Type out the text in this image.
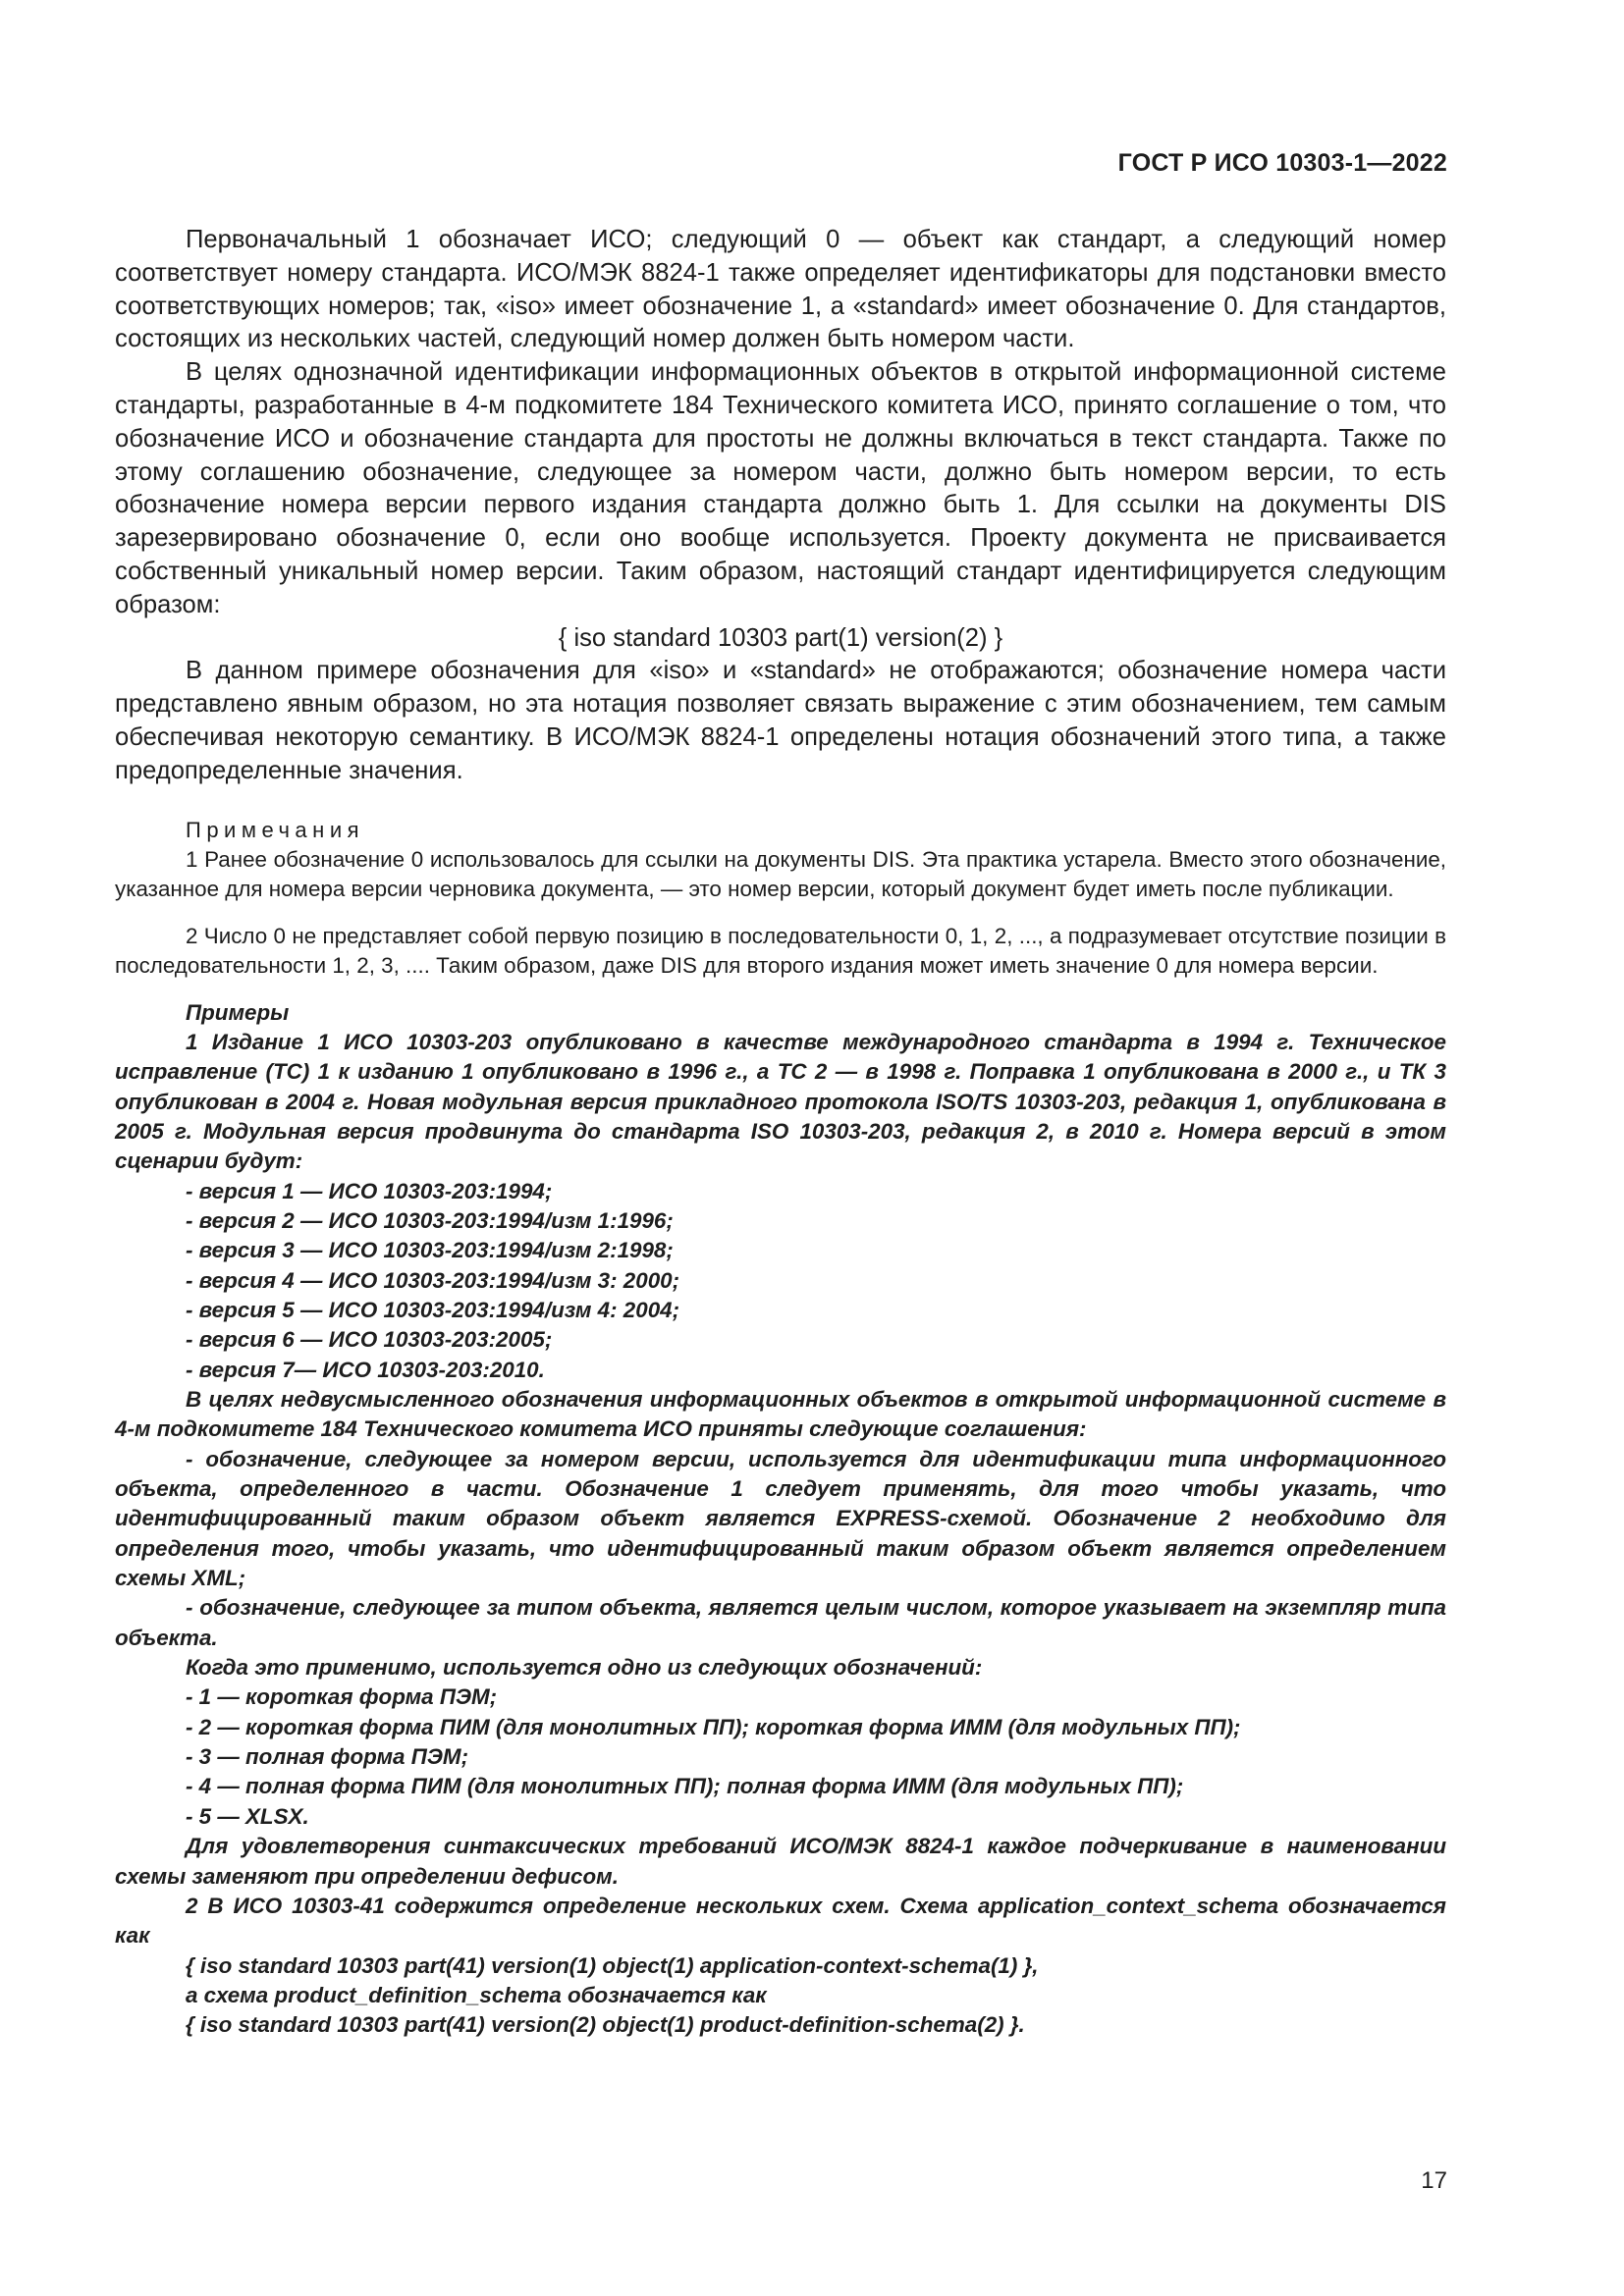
ГОСТ Р ИСО 10303-1—2022

Первоначальный 1 обозначает ИСО; следующий 0 — объект как стандарт, а следующий номер соответствует номеру стандарта. ИСО/МЭК 8824-1 также определяет идентификаторы для подстановки вместо соответствующих номеров; так, «iso» имеет обозначение 1, а «standard» имеет обозначение 0. Для стандартов, состоящих из нескольких частей, следующий номер должен быть номером части.

В целях однозначной идентификации информационных объектов в открытой информационной системе стандарты, разработанные в 4-м подкомитете 184 Технического комитета ИСО, принято соглашение о том, что обозначение ИСО и обозначение стандарта для простоты не должны включаться в текст стандарта. Также по этому соглашению обозначение, следующее за номером части, должно быть номером версии, то есть обозначение номера версии первого издания стандарта должно быть 1. Для ссылки на документы DIS зарезервировано обозначение 0, если оно вообще используется. Проекту документа не присваивается собственный уникальный номер версии. Таким образом, настоящий стандарт идентифицируется следующим образом:

{ iso standard 10303 part(1) version(2) }

В данном примере обозначения для «iso» и «standard» не отображаются; обозначение номера части представлено явным образом, но эта нотация позволяет связать выражение с этим обозначением, тем самым обеспечивая некоторую семантику. В ИСО/МЭК 8824-1 определены нотация обозначений этого типа, а также предопределенные значения.

Примечания

1 Ранее обозначение 0 использовалось для ссылки на документы DIS. Эта практика устарела. Вместо этого обозначение, указанное для номера версии черновика документа, — это номер версии, который документ будет иметь после публикации.

2 Число 0 не представляет собой первую позицию в последовательности 0, 1, 2, ..., а подразумевает отсутствие позиции в последовательности 1, 2, 3, .... Таким образом, даже DIS для второго издания может иметь значение 0 для номера версии.

Примеры

1 Издание 1 ИСО 10303-203 опубликовано в качестве международного стандарта в 1994 г. Техническое исправление (TC) 1 к изданию 1 опубликовано в 1996 г., а TC 2 — в 1998 г. Поправка 1 опубликована в 2000 г., и ТК 3 опубликован в 2004 г. Новая модульная версия прикладного протокола ISO/TS 10303-203, редакция 1, опубликована в 2005 г. Модульная версия продвинута до стандарта ISO 10303-203, редакция 2, в 2010 г. Номера версий в этом сценарии будут:

- версия 1 — ИСО 10303-203:1994;

- версия 2 — ИСО 10303-203:1994/изм 1:1996;

- версия 3 — ИСО 10303-203:1994/изм 2:1998;

- версия 4 — ИСО 10303-203:1994/изм 3: 2000;

- версия 5 — ИСО 10303-203:1994/изм 4: 2004;

- версия 6 — ИСО 10303-203:2005;

- версия 7— ИСО 10303-203:2010.

В целях недвусмысленного обозначения информационных объектов в открытой информационной системе в 4-м подкомитете 184 Технического комитета ИСО приняты следующие соглашения:

- обозначение, следующее за номером версии, используется для идентификации типа информационного объекта, определенного в части. Обозначение 1 следует применять, для того чтобы указать, что идентифицированный таким образом объект является EXPRESS-схемой. Обозначение 2 необходимо для определения того, чтобы указать, что идентифицированный таким образом объект является определением схемы XML;

- обозначение, следующее за типом объекта, является целым числом, которое указывает на экземпляр типа объекта.

Когда это применимо, используется одно из следующих обозначений:

- 1 — короткая форма ПЭМ;

- 2 — короткая форма ПИМ (для монолитных ПП); короткая форма ИММ (для модульных ПП);

- 3 — полная форма ПЭМ;

- 4 — полная форма ПИМ (для монолитных ПП); полная форма ИММ (для модульных ПП);

- 5 — XLSX.

Для удовлетворения синтаксических требований ИСО/МЭК 8824-1 каждое подчеркивание в наименовании схемы заменяют при определении дефисом.

2 В ИСО 10303-41 содержится определение нескольких схем. Схема application_context_schema обозначается как

{ iso standard 10303 part(41) version(1) object(1) application-context-schema(1) },

а схема product_definition_schema обозначается как

{ iso standard 10303 part(41) version(2) object(1) product-definition-schema(2) }.

17
